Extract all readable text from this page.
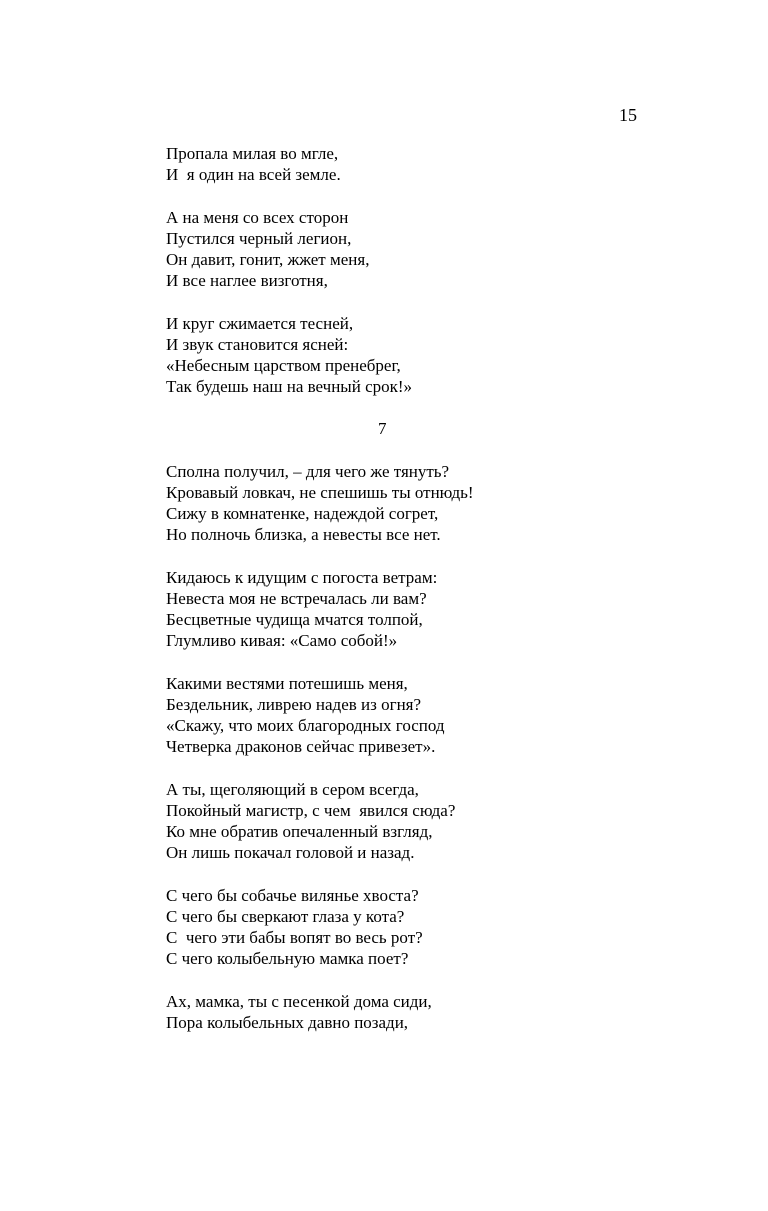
15
Пропала милая во мгле,
И  я один на всей земле.
А на меня со всех сторон
Пустился черный легион,
Он давит, гонит, жжет меня,
И все наглее визготня,
И круг сжимается тесней,
И звук становится ясней:
«Небесным царством пренебрег,
Так будешь наш на вечный срок!»
7
Сполна получил, – для чего же тянуть?
Кровавый ловкач, не спешишь ты отнюдь!
Сижу в комнатенке, надеждой согрет,
Но полночь близка, а невесты все нет.
Кидаюсь к идущим с погоста ветрам:
Невеста моя не встречалась ли вам?
Бесцветные чудища мчатся толпой,
Глумливо кивая: «Само собой!»
Какими вестями потешишь меня,
Бездельник, ливрею надев из огня?
«Скажу, что моих благородных господ
Четверка драконов сейчас привезет».
А ты, щеголяющий в сером всегда,
Покойный магистр, с чем  явился сюда?
Ко мне обратив опечаленный взгляд,
Он лишь покачал головой и назад.
С чего бы собачье вилянье хвоста?
С чего бы сверкают глаза у кота?
С  чего эти бабы вопят во весь рот?
С чего колыбельную мамка поет?
Ах, мамка, ты с песенкой дома сиди,
Пора колыбельных давно позади,
